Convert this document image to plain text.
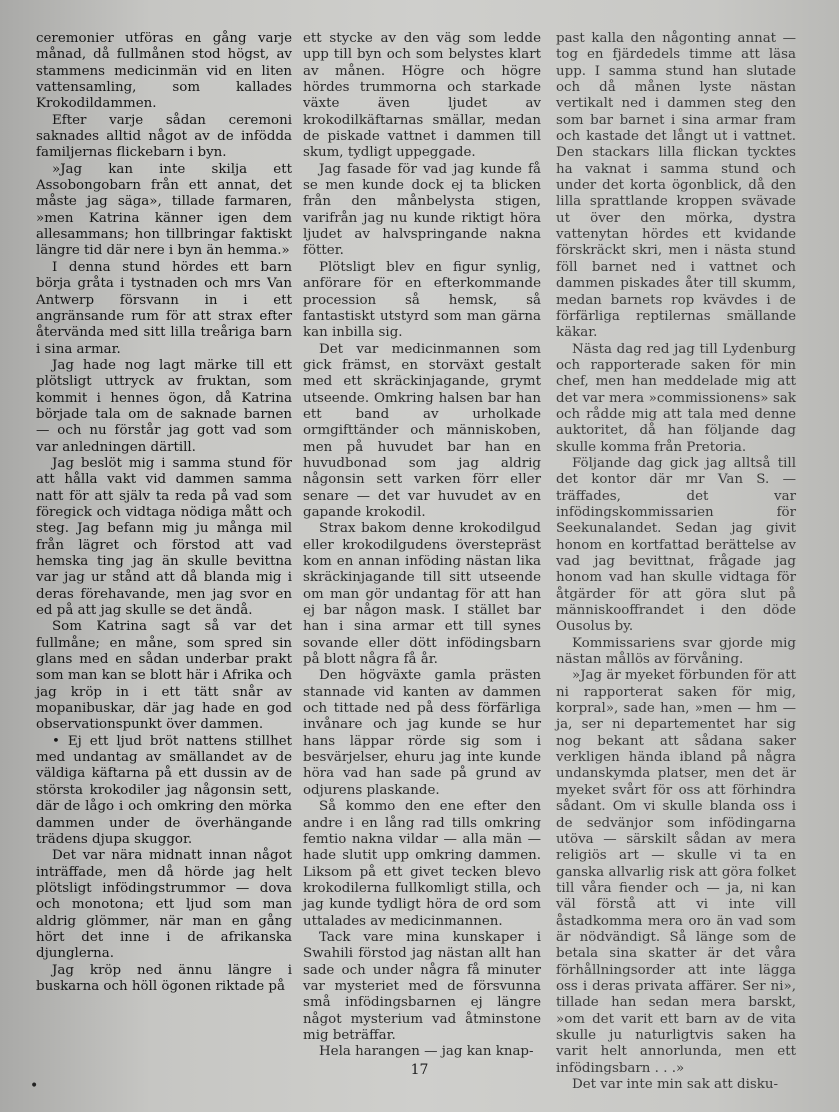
ceremonier utföras en gång varje månad, då fullmånen stod högst, av stammens medicinmän vid en liten vattensamling, som kallades Krokodildammen.

Efter varje sådan ceremoni saknades alltid något av de infödda familjernas flickebarn i byn.

»Jag kan inte skilja ett Assobongobarn från ett annat, det måste jag säga», tillade farmaren, »men Katrina känner igen dem allesammans; hon tillbringar faktiskt längre tid där nere i byn än hemma.»

I denna stund hördes ett barn börja gråta i tystnaden och mrs Van Antwerp försvann in i ett angränsande rum för att strax efter återvända med sitt lilla treåriga barn i sina armar.

Jag hade nog lagt märke till ett plötsligt uttryck av fruktan, som kommit i hennes ögon, då Katrina började tala om de saknade barnen — och nu förstår jag gott vad som var anledningen därtill.

Jag beslöt mig i samma stund för att hålla vakt vid dammen samma natt för att själv ta reda på vad som föregick och vidtaga nödiga mått och steg. Jag befann mig ju många mil från lägret och förstod att vad hemska ting jag än skulle bevittna var jag ur stånd att då blanda mig i deras förehavande, men jag svor en ed på att jag skulle se det ändå.

Som Katrina sagt så var det fullmåne; en måne, som spred sin glans med en sådan underbar prakt som man kan se blott här i Afrika och jag kröp in i ett tätt snår av mopanibuskar, där jag hade en god observationspunkt över dammen.

• Ej ett ljud bröt nattens stillhet med undantag av smällandet av de väldiga käftarna på ett dussin av de största krokodiler jag någonsin sett, där de lågo i och omkring den mörka dammen under de överhängande trädens djupa skuggor.

Det var nära midnatt innan något inträffade, men då hörde jag helt plötsligt infödingstrummor — dova och monotona; ett ljud som man aldrig glömmer, när man en gång hört det inne i de afrikanska djunglerna.

Jag kröp ned ännu längre i buskarna och höll ögonen riktade på

ett stycke av den väg som ledde upp till byn och som belystes klart av månen. Högre och högre hördes trummorna och starkade växte även ljudet av krokodilkäftarnas smällar, medan de piskade vattnet i dammen till skum, tydligt uppeggade.

Jag fasade för vad jag kunde få se men kunde dock ej ta blicken från den månbelysta stigen, varifrån jag nu kunde riktigt höra ljudet av halvspringande nakna fötter.

Plötsligt blev en figur synlig, anförare för en efterkommande procession så hemsk, så fantastiskt utstyrd som man gärna kan inbilla sig.

Det var medicinmannen som gick främst, en storväxt gestalt med ett skräckinjagande, grymt utseende. Omkring halsen bar han ett band av urholkade ormgifttänder och människoben, men på huvudet bar han en huvudbonad som jag aldrig någonsin sett varken förr eller senare — det var huvudet av en gapande krokodil.

Strax bakom denne krokodilgud eller krokodilgudens överstepräst kom en annan inföding nästan lika skräckinjagande till sitt utseende om man gör undantag för att han ej bar någon mask. I stället bar han i sina armar ett till synes sovande eller dött infödingsbarn på blott några få år.

Den högväxte gamla prästen stannade vid kanten av dammen och tittade ned på dess förfärliga invånare och jag kunde se hur hans läppar rörde sig som i besvärjelser, ehuru jag inte kunde höra vad han sade på grund av odjurens plaskande.

Så kommo den ene efter den andre i en lång rad tills omkring femtio nakna vildar — alla män — hade slutit upp omkring dammen. Liksom på ett givet tecken blevo krokodilerna fullkomligt stilla, och jag kunde tydligt höra de ord som uttalades av medicinmannen.

Tack vare mina kunskaper i Swahili förstod jag nästan allt han sade och under några få minuter var mysteriet med de försvunna små infödingsbarnen ej längre något mysterium vad åtminstone mig beträffar.

Hela harangen — jag kan knap-

past kalla den någonting annat — tog en fjärdedels timme att läsa upp. I samma stund han slutade och då månen lyste nästan vertikalt ned i dammen steg den som bar barnet i sina armar fram och kastade det långt ut i vattnet. Den stackars lilla flickan tycktes ha vaknat i samma stund och under det korta ögonblick, då den lilla sprattlande kroppen svävade ut över den mörka, dystra vattenytan hördes ett kvidande förskräckt skri, men i nästa stund föll barnet ned i vattnet och dammen piskades åter till skumm, medan barnets rop kvävdes i de förfärliga reptilernas smällande käkar.

Nästa dag red jag till Lydenburg och rapporterade saken för min chef, men han meddelade mig att det var mera »commissionens» sak och rådde mig att tala med denne auktoritet, då han följande dag skulle komma från Pretoria.

Följande dag gick jag alltså till det kontor där mr Van S. — träffades, det var infödingskommissarien för Seekunalandet. Sedan jag givit honom en kortfattad berättelse av vad jag bevittnat, frågade jag honom vad han skulle vidtaga för åtgärder för att göra slut på människooffrandet i den döde Ousolus by.

Kommissariens svar gjorde mig nästan mållös av förvåning.

»Jag är myeket förbunden för att ni rapporterat saken för mig, korpral», sade han, »men — hm — ja, ser ni departementet har sig nog bekant att sådana saker verkligen hända ibland på några undanskymda platser, men det är myeket svårt för oss att förhindra sådant. Om vi skulle blanda oss i de sedvänjor som infödingarna utöva — särskilt sådan av mera religiös art — skulle vi ta en ganska allvarlig risk att göra folket till våra fiender och — ja, ni kan väl förstå att vi inte vill åstadkomma mera oro än vad som är nödvändigt. Så länge som de betala sina skatter är det våra förhållningsorder att inte lägga oss i deras privata affärer. Ser ni», tillade han sedan mera barskt, »om det varit ett barn av de vita skulle ju naturligtvis saken ha varit helt annorlunda, men ett infödingsbarn . . .»

Det var inte min sak att disku-

17
•
